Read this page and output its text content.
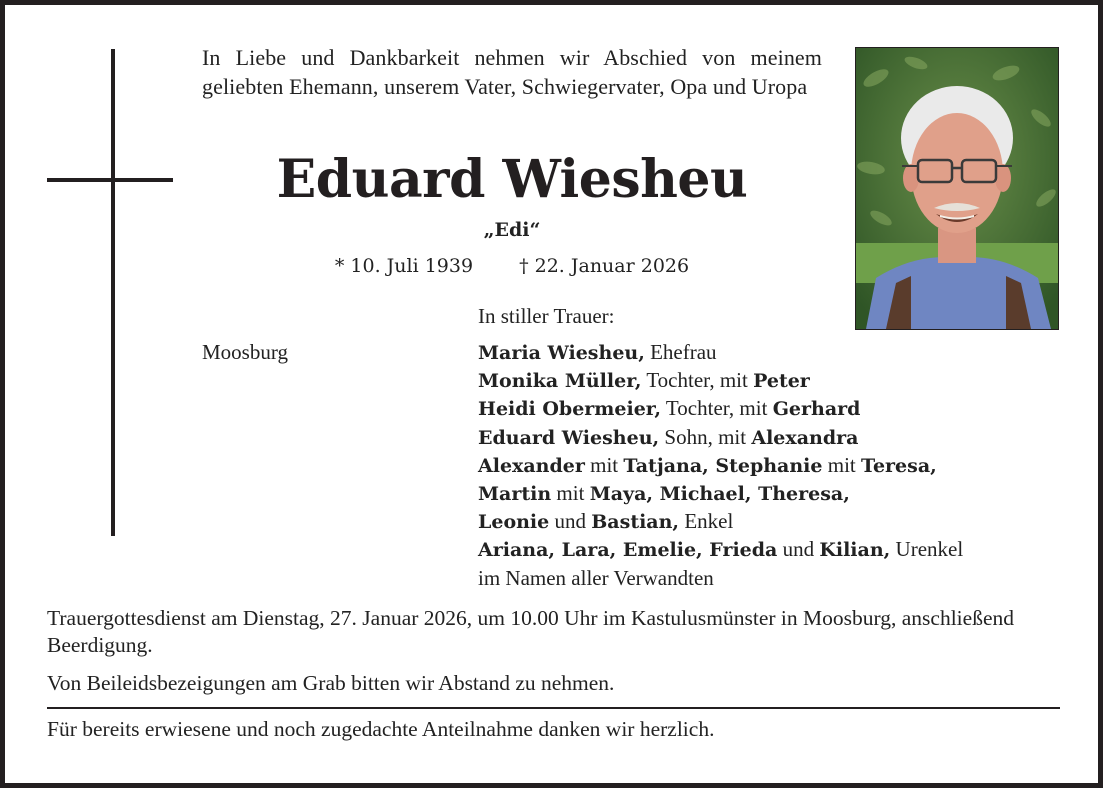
In Liebe und Dankbarkeit nehmen wir Abschied von meinem geliebten Ehemann, unserem Vater, Schwiegervater, Opa und Uropa
Eduard Wiesheu
„Edi“
* 10. Juli 1939 † 22. Januar 2026
In stiller Trauer:
Moosburg	Maria Wiesheu, Ehefrau
Monika Müller, Tochter, mit Peter
Heidi Obermeier, Tochter, mit Gerhard
Eduard Wiesheu, Sohn, mit Alexandra
Alexander mit Tatjana, Stephanie mit Teresa,
Martin mit Maya, Michael, Theresa,
Leonie und Bastian, Enkel
Ariana, Lara, Emelie, Frieda und Kilian, Urenkel
im Namen aller Verwandten
Trauergottesdienst am Dienstag, 27. Januar 2026, um 10.00 Uhr im Kastulusmünster in Moosburg, anschließend Beerdigung.
Von Beileidsbezeigungen am Grab bitten wir Abstand zu nehmen.
Für bereits erwiesene und noch zugedachte Anteilnahme danken wir herzlich.
